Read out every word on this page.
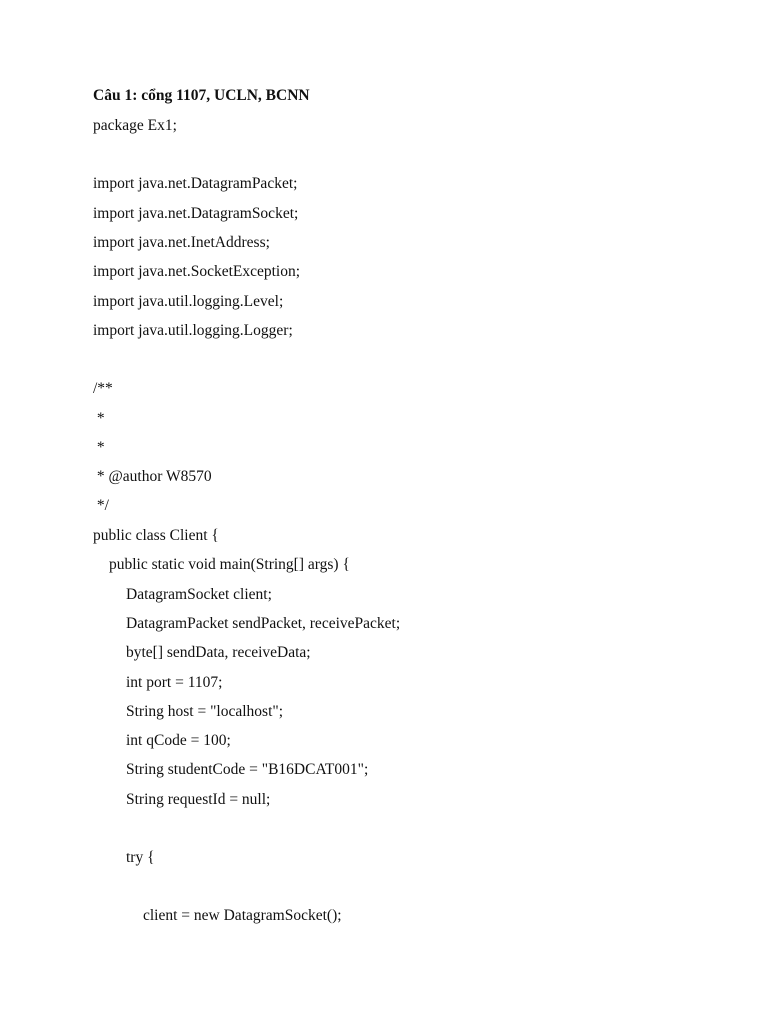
Câu 1: cổng 1107, UCLN, BCNN
package Ex1;
import java.net.DatagramPacket;
import java.net.DatagramSocket;
import java.net.InetAddress;
import java.net.SocketException;
import java.util.logging.Level;
import java.util.logging.Logger;
/**
*
*
* @author W8570
*/
public class Client {
public static void main(String[] args) {
DatagramSocket client;
DatagramPacket sendPacket, receivePacket;
byte[] sendData, receiveData;
int port = 1107;
String host = "localhost";
int qCode = 100;
String studentCode = "B16DCAT001";
String requestId = null;
try {
client = new DatagramSocket();
